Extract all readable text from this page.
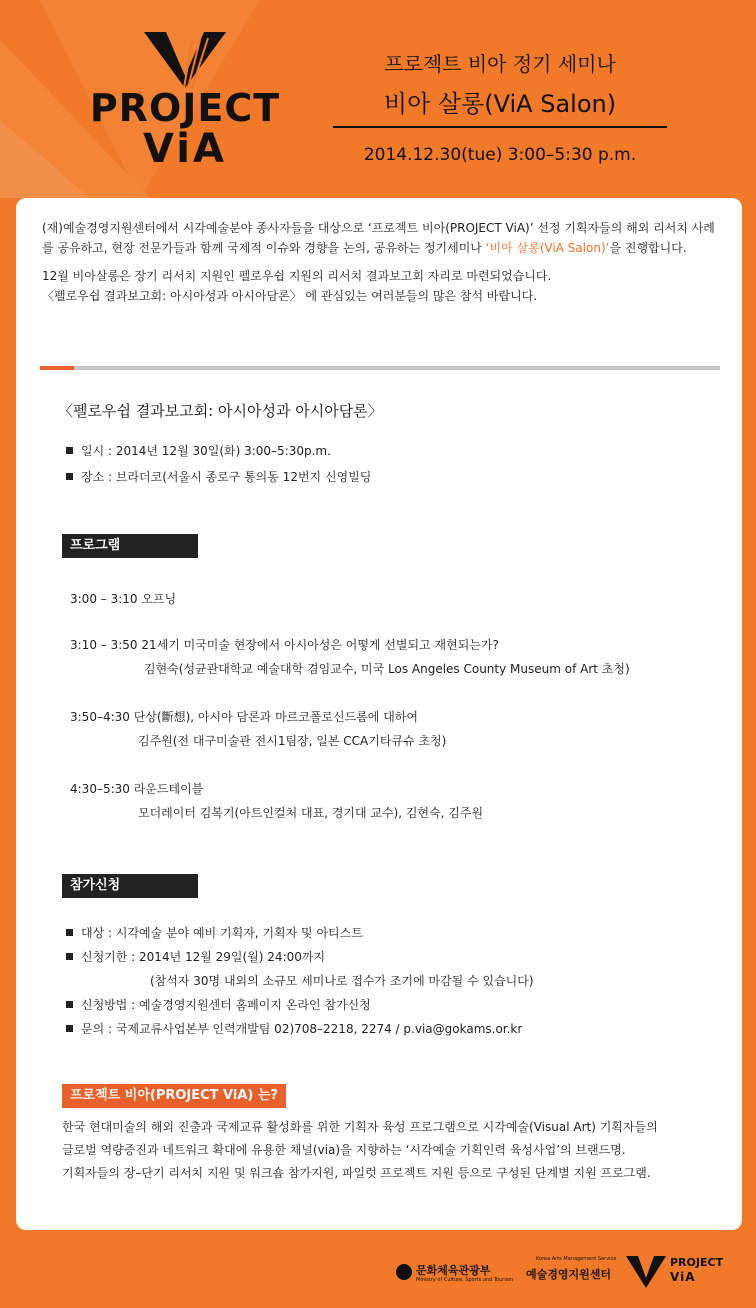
PROJECT
ViA
프로젝트 비아 정기 세미나
비아 살롱(ViA Salon)
2014.12.30(tue) 3:00–5:30 p.m.

(재)예술경영지원센터에서 시각예술분야 종사자들을 대상으로 ‘프로젝트 비아(PROJECT ViA)’ 선정 기획자들의 해외 리서치 사례를 공유하고, 현장 전문가들과 함께 국제적 이슈와 경향을 논의, 공유하는 정기세미나 ‘비아 살롱(ViA Salon)’을 진행합니다.

12월 비아살롱은 장기 리서치 지원인 펠로우쉽 지원의 리서치 결과보고회 자리로 마련되었습니다.
〈펠로우쉽 결과보고회: 아시아성과 아시아담론〉 에 관심있는 여러분들의 많은 참석 바랍니다.

〈펠로우쉽 결과보고회: 아시아성과 아시아담론〉
일시 : 2014년 12월 30일(화) 3:00–5:30p.m.
장소 : 브라더코(서울시 종로구 통의동 12번지 신영빌딩
프로그램
3:00 – 3:10 오프닝
3:10 – 3:50 21세기 미국미술 현장에서 아시아성은 어떻게 선별되고 재현되는가?
김현숙(성균관대학교 예술대학 겸임교수, 미국 Los Angeles County Museum of Art 초청)
3:50–4:30 단상(斷想), 아시아 담론과 마르코폴로신드롬에 대하여
김주원(전 대구미술관 전시1팀장, 일본 CCA기타큐슈 초청)
4:30–5:30 라운드테이블
모더레이터 김복기(아트인컬처 대표, 경기대 교수), 김현숙, 김주원
참가신청
대상 : 시각예술 분야 예비 기획자, 기획자 및 아티스트
신청기한 : 2014년 12월 29일(월) 24:00까지
(참석자 30명 내외의 소규모 세미나로 접수가 조기에 마감될 수 있습니다)
신청방법 : 예술경영지원센터 홈페이지 온라인 참가신청
문의 : 국제교류사업본부 인력개발팀 02)708–2218, 2274 / p.via@gokams.or.kr
프로젝트 비아(PROJECT ViA) 는?
한국 현대미술의 해외 진출과 국제교류 활성화를 위한 기획자 육성 프로그램으로 시각예술(Visual Art) 기획자들의
글로벌 역량증진과 네트워크 확대에 유용한 채널(via)을 지향하는 ‘시각예술 기획인력 육성사업’의 브랜드명.
기획자들의 장–단기 리서치 지원 및 워크숍 참가지원, 파일럿 프로젝트 지원 등으로 구성된 단계별 지원 프로그램.
문화체육관광부
Ministry of Culture, Sports and Tourism
Korea Arts Management Service
예술경영지원센터
PROJECT
ViA
